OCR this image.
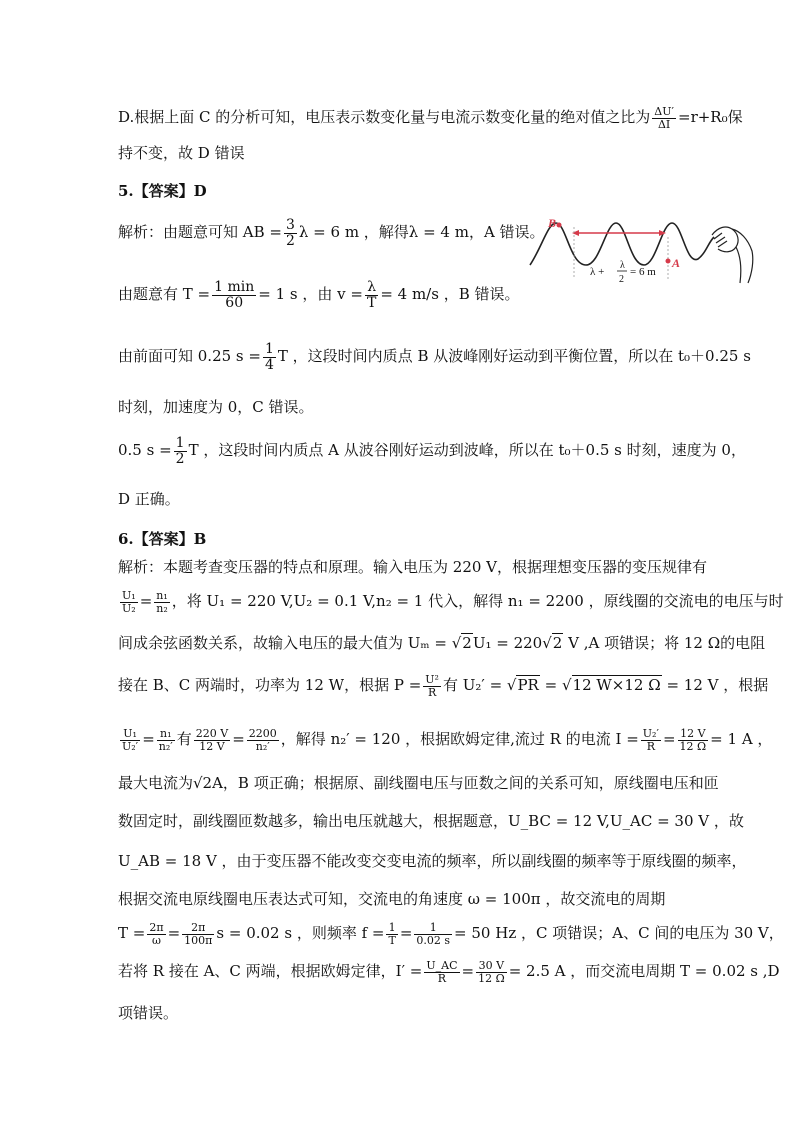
D.根据上面 C 的分析可知，电压表示数变化量与电流示数变化量的绝对值之比为 $\frac{\Delta U'}{\Delta I} =r+R_0$保
持不变，故 D 错误
5.【答案】D
解析：由题意可知 AB = $\frac{3}{2}$ λ = 6 m ，解得λ = 4 m，A 错误。
由题意有 $T = \frac{1 \min}{60} = 1$ s ，由 $v = \frac{\lambda}{T} = 4$ m/s ，B 错误。
由前面可知 0.25 $s = \frac{1}{4}$ T ，这段时间内质点 B 从波峰刚好运动到平衡位置，所以在 t₀＋0.25 s
时刻，加速度为 0，C 错误。
0.5 $s = \frac{1}{2}$ T ，这段时间内质点 A 从波谷刚好运动到波峰，所以在 t₀＋0.5 s 时刻，速度为 0，
D 正确。
B
A
λ +
λ
2
= 6 m
6.【答案】B
解析：本题考查变压器的特点和原理。输入电压为 220 V，根据理想变压器的变压规律有
$\frac{\text{U₁}}{\text{U₂}} = \frac{\text{n₁}}{\text{n₂}}$ ，将 U₁ = 220 V,U₂ = 0.1 V,n₂ = 1 代入，解得 n₁ = 2200 ，原线圈的交流电的电压与时
间成余弦函数关系，故输入电压的最大值为 Uₘ = √2U₁ = 220√2 V ,A 项错误；将 12 Ω的电阻
接在 B、C 两端时，功率为 12 W，根据 $P = \frac{\text{U²}}{R}$ 有 U₂′ = √PR = √12 W×12 Ω = 12 V ，根据
$\frac{\text{U₁}}{\text{U₂′}} = \frac{\text{n₁}}{\text{n₂′}}$ 有 $\frac{220 V}{12 V} = \frac{2200}{\text{n₂′}}$ ，解得 n₂′ = 120 ，根据欧姆定律,流过 R 的电流 $I = \frac{\text{U₂′}}{R} = \frac{12 V}{12 \Omega} = 1$ A ，
最大电流为√2A，B 项正确；根据原、副线圈电压与匝数之间的关系可知，原线圈电压和匝
数固定时，副线圈匝数越多，输出电压就越大，根据题意，U_BC = 12 V,U_AC = 30 V ，故
U_AB = 18 V ，由于变压器不能改变交变电流的频率，所以副线圈的频率等于原线圈的频率，
根据交流电原线圈电压表达式可知，交流电的角速度 ω = 100π ，故交流电的周期
$T = \frac{2\pi}{\omega} = \frac{2\pi}{100\pi}$ s = 0.02 s ，则频率 $f = \frac{1}{T} = \frac{1}{0.02 s} = 50$ Hz ，C 项错误；A、C 间的电压为 30 V，
若将 R 接在 A、C 两端，根据欧姆定律，$I' = \frac{U\_AC}{R} = \frac{30 V}{12 \Omega} = 2.5$ A ，而交流电周期 T = 0.02 s ,D
项错误。
